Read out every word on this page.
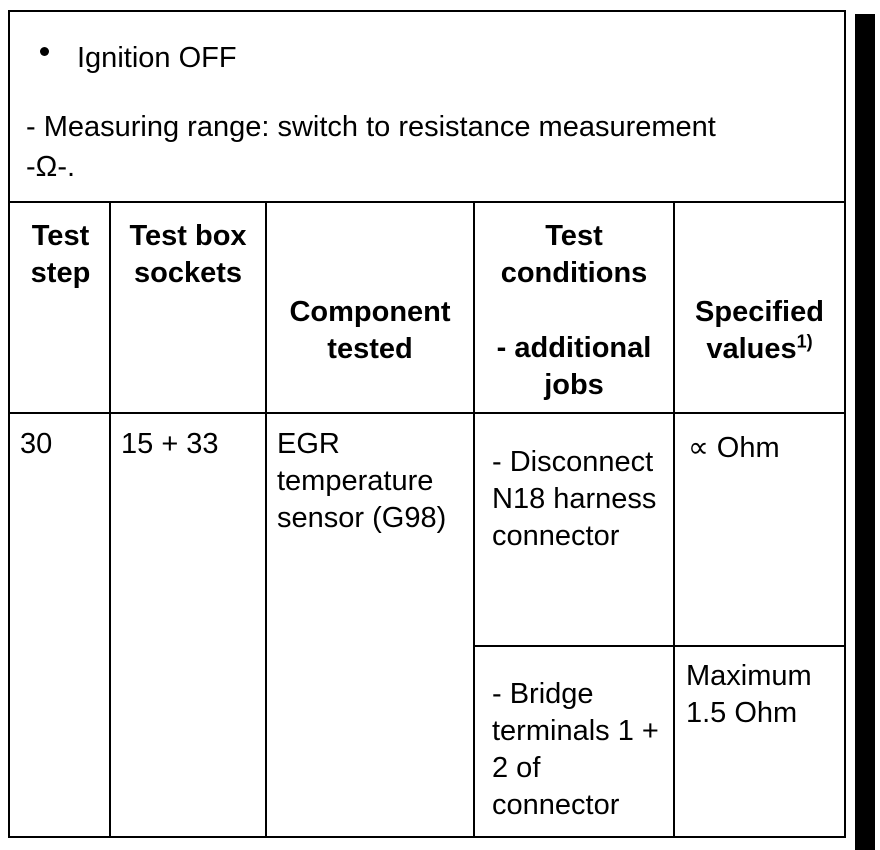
Ignition OFF
- Measuring range: switch to resistance measurement
-Ω-.
Test step
Test box sockets
Component tested
Test conditions
- additional jobs
Specified values$^{1)}$
30	15 + 33	EGR temperature sensor (G98)
- Disconnect N18 harness connector
∝ Ohm
- Bridge terminals 1 + 2 of connector
Maximum 1.5 Ohm
